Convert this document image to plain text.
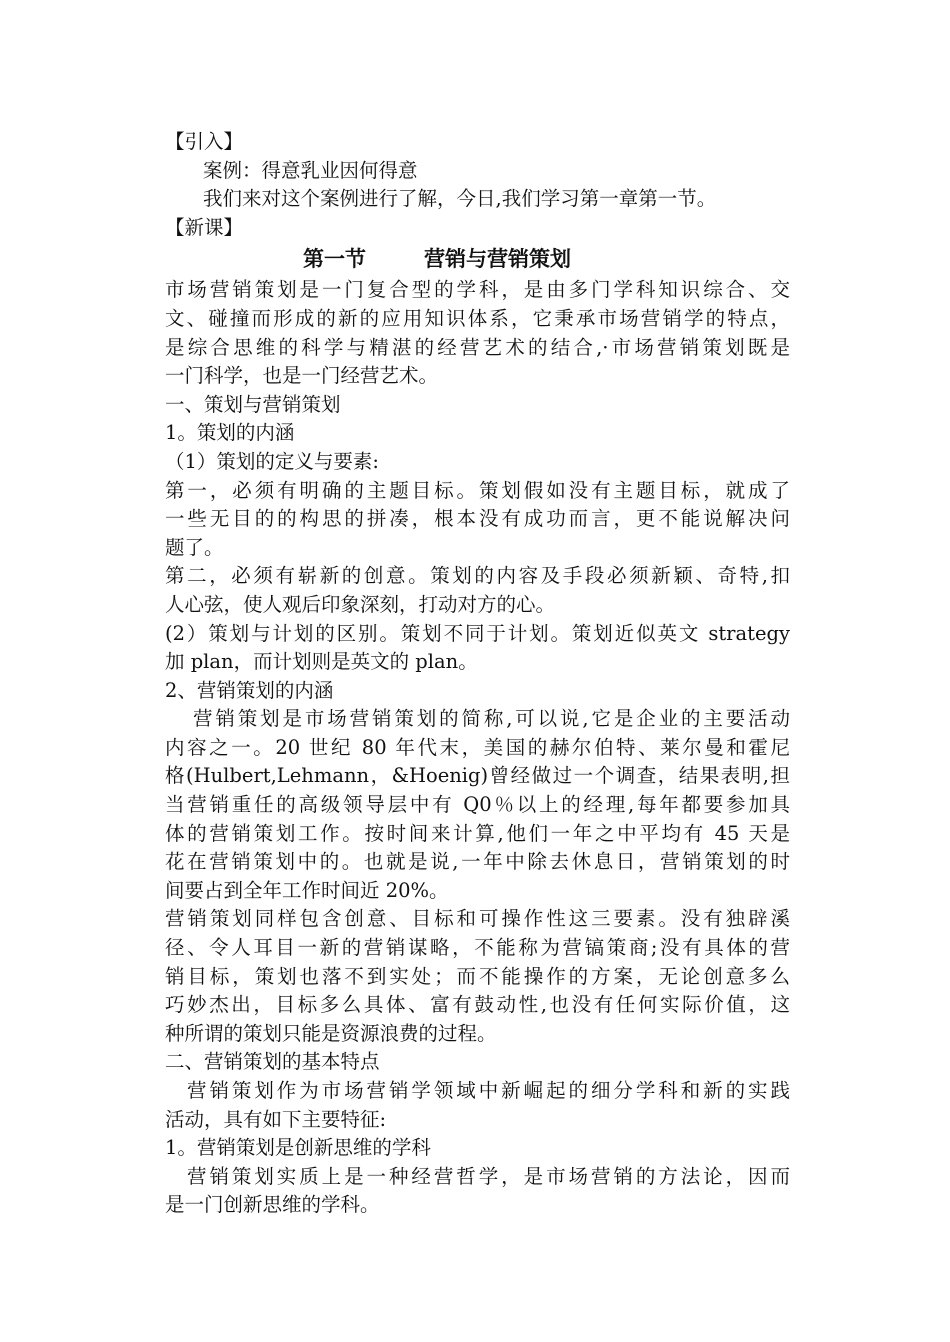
【引入】
案例：得意乳业因何得意
我们来对这个案例进行了解，今日,我们学习第一章第一节。
【新课】
第一节	营销与营销策划
市场营销策划是一门复合型的学科，是由多门学科知识综合、交
文、碰撞而形成的新的应用知识体系，它秉承市场营销学的特点，
是综合思维的科学与精湛的经营艺术的结合,·市场营销策划既是
一门科学，也是一门经营艺术。
一、策划与营销策划
1。策划的内涵
（1）策划的定义与要素:
第一，必须有明确的主题目标。策划假如没有主题目标，就成了
一些无目的的构思的拼凑，根本没有成功而言，更不能说解决问
题了。
第二，必须有崭新的创意。策划的内容及手段必须新颖、奇特,扣
人心弦，使人观后印象深刻，打动对方的心。
(2）策划与计划的区别。策划不同于计划。策划近似英文 strategy
加 plan，而计划则是英文的 plan。
2、营销策划的内涵
营销策划是市场营销策划的简称,可以说,它是企业的主要活动
内容之一。20 世纪 80 年代末，美国的赫尔伯特、莱尔曼和霍尼
格(Hulbert,Lehmann，&Hoenig)曾经做过一个调查，结果表明,担
当营销重任的高级领导层中有 Q0％以上的经理,每年都要参加具
体的营销策划工作。按时间来计算,他们一年之中平均有 45 天是
花在营销策划中的。也就是说,一年中除去休息日，营销策划的时
间要占到全年工作时间近 20%。
营销策划同样包含创意、目标和可操作性这三要素。没有独辟溪
径、令人耳目一新的营销谋略，不能称为营镐策商;没有具体的营
销目标，策划也落不到实处；而不能操作的方案，无论创意多么
巧妙杰出，目标多么具体、富有鼓动性,也没有任何实际价值，这
种所谓的策划只能是资源浪费的过程。
二、营销策划的基本特点
营销策划作为市场营销学领域中新崛起的细分学科和新的实践
活动，具有如下主要特征:
1。营销策划是创新思维的学科
营销策划实质上是一种经营哲学，是市场营销的方法论，因而
是一门创新思维的学科。
